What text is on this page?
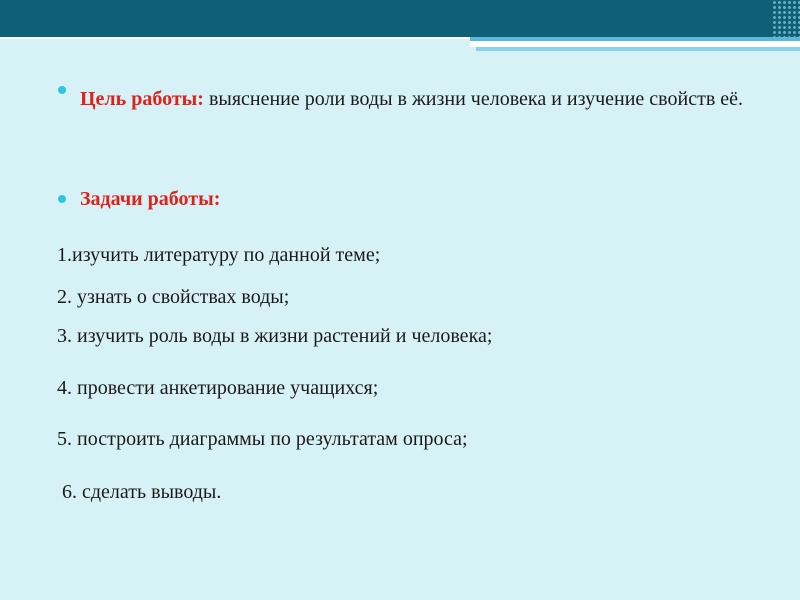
Цель работы: выяснение роли воды в жизни человека и изучение свойств её.
Задачи работы:
1.изучить литературу по данной теме;
2. узнать о свойствах воды;
3. изучить роль воды в жизни растений и человека;
4. провести анкетирование учащихся;
5. построить диаграммы по результатам опроса;
6. сделать выводы.
